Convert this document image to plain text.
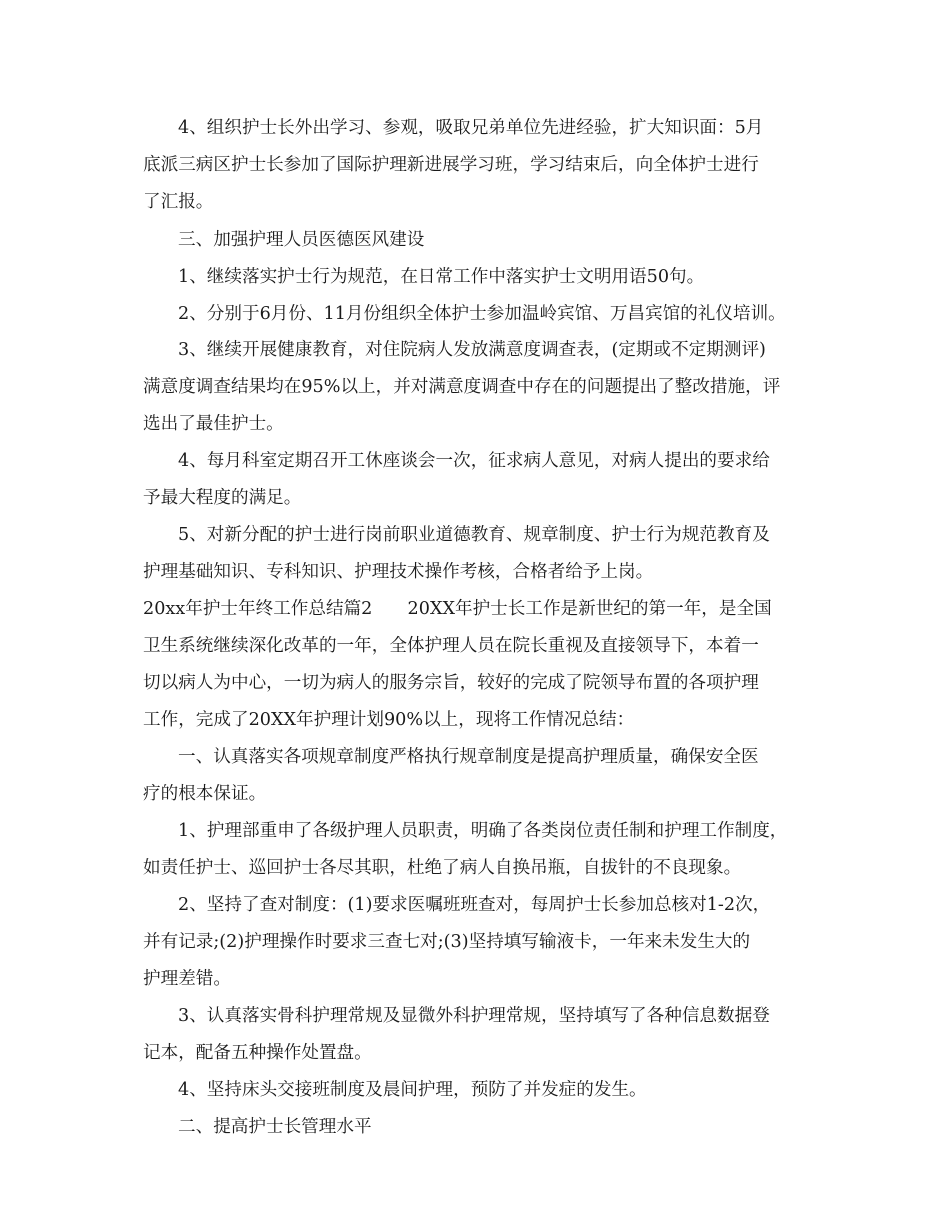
4、组织护士长外出学习、参观，吸取兄弟单位先进经验，扩大知识面：5月
底派三病区护士长参加了国际护理新进展学习班，学习结束后，向全体护士进行
了汇报。
三、加强护理人员医德医风建设
1、继续落实护士行为规范，在日常工作中落实护士文明用语50句。
2、分别于6月份、11月份组织全体护士参加温岭宾馆、万昌宾馆的礼仪培训。
3、继续开展健康教育，对住院病人发放满意度调查表，(定期或不定期测评)
满意度调查结果均在95%以上，并对满意度调查中存在的问题提出了整改措施，评
选出了最佳护士。
4、每月科室定期召开工休座谈会一次，征求病人意见，对病人提出的要求给
予最大程度的满足。
5、对新分配的护士进行岗前职业道德教育、规章制度、护士行为规范教育及
护理基础知识、专科知识、护理技术操作考核，合格者给予上岗。
20xx年护士年终工作总结篇2　　20XX年护士长工作是新世纪的第一年，是全国
卫生系统继续深化改革的一年，全体护理人员在院长重视及直接领导下，本着一
切以病人为中心，一切为病人的服务宗旨，较好的完成了院领导布置的各项护理
工作，完成了20XX年护理计划90%以上，现将工作情况总结：
一、认真落实各项规章制度严格执行规章制度是提高护理质量，确保安全医
疗的根本保证。
1、护理部重申了各级护理人员职责，明确了各类岗位责任制和护理工作制度，
如责任护士、巡回护士各尽其职，杜绝了病人自换吊瓶，自拔针的不良现象。
2、坚持了查对制度：(1)要求医嘱班班查对，每周护士长参加总核对1-2次，
并有记录;(2)护理操作时要求三查七对;(3)坚持填写输液卡，一年来未发生大的
护理差错。
3、认真落实骨科护理常规及显微外科护理常规，坚持填写了各种信息数据登
记本，配备五种操作处置盘。
4、坚持床头交接班制度及晨间护理，预防了并发症的发生。
二、提高护士长管理水平
